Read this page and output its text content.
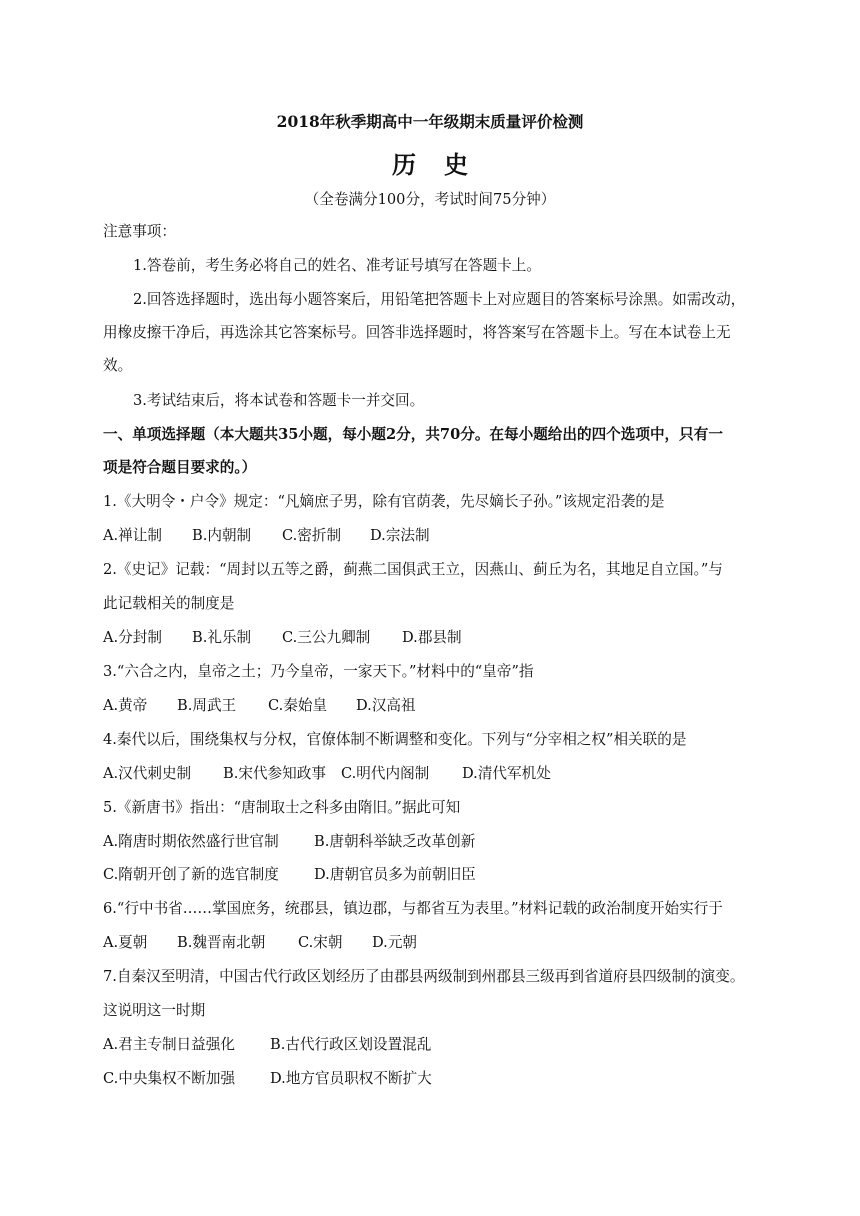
2018年秋季期高中一年级期末质量评价检测
历 史
（全卷满分100分，考试时间75分钟）
注意事项：
1.答卷前，考生务必将自己的姓名、准考证号填写在答题卡上。
2.回答选择题时，选出每小题答案后，用铅笔把答题卡上对应题目的答案标号涂黑。如需改动，
用橡皮擦干净后，再选涂其它答案标号。回答非选择题时，将答案写在答题卡上。写在本试卷上无
效。
3.考试结束后，将本试卷和答题卡一并交回。
一、单项选择题（本大题共35小题，每小题2分，共70分。在每小题给出的四个选项中，只有一
项是符合题目要求的。）
1.《大明令・户令》规定：“凡嫡庶子男，除有官荫袭，先尽嫡长子孙。”该规定沿袭的是
A.禅让制 B.内朝制 C.密折制 D.宗法制
2.《史记》记载：“周封以五等之爵，蓟燕二国俱武王立，因燕山、蓟丘为名，其地足自立国。”与
此记载相关的制度是
A.分封制 B.礼乐制 C.三公九卿制 D.郡县制
3.“六合之内，皇帝之土；乃今皇帝，一家天下。”材料中的“皇帝”指
A.黄帝 B.周武王 C.秦始皇 D.汉高祖
4.秦代以后，围绕集权与分权，官僚体制不断调整和变化。下列与“分宰相之权”相关联的是
A.汉代刺史制 B.宋代参知政事 C.明代内阁制 D.清代军机处
5.《新唐书》指出：“唐制取士之科多由隋旧。”据此可知
A.隋唐时期依然盛行世官制 B.唐朝科举缺乏改革创新
C.隋朝开创了新的选官制度 D.唐朝官员多为前朝旧臣
6.“行中书省……掌国庶务，统郡县，镇边郡，与都省互为表里。”材料记载的政治制度开始实行于
A.夏朝 B.魏晋南北朝 C.宋朝 D.元朝
7.自秦汉至明清，中国古代行政区划经历了由郡县两级制到州郡县三级再到省道府县四级制的演变。
这说明这一时期
A.君主专制日益强化 B.古代行政区划设置混乱
C.中央集权不断加强 D.地方官员职权不断扩大
